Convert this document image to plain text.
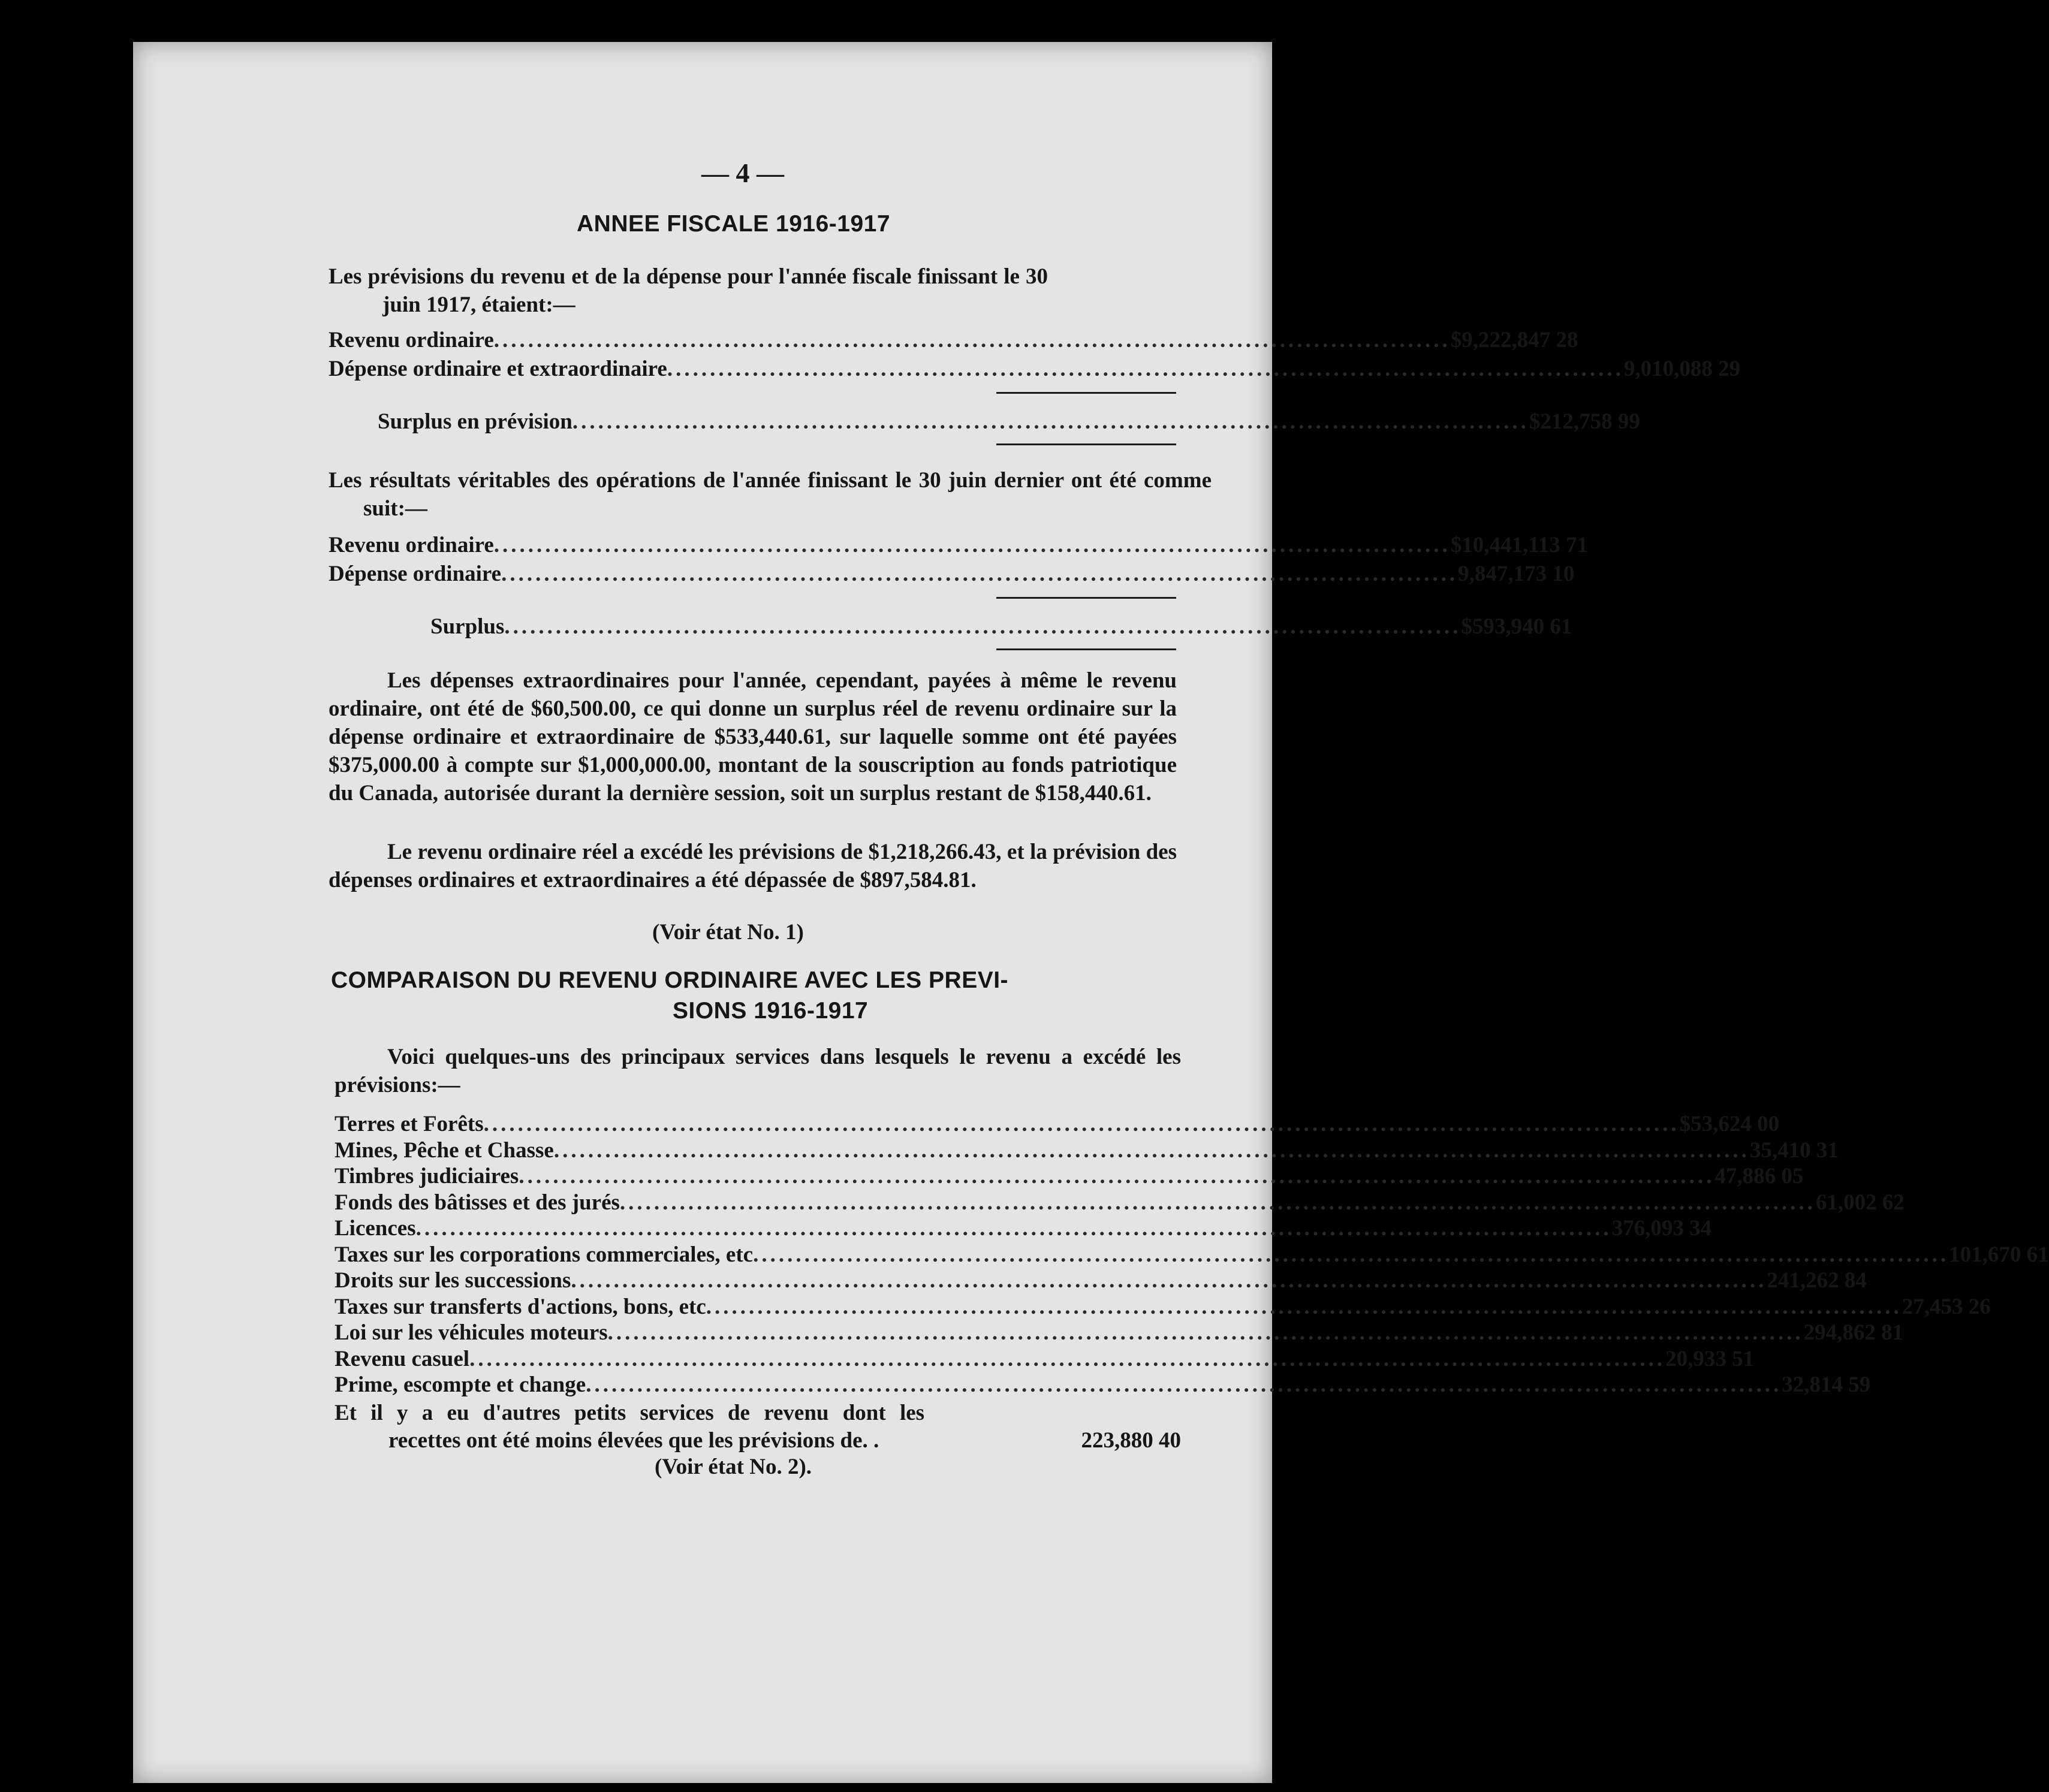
— 4 —
ANNEE FISCALE 1916-1917
Les prévisions du revenu et de la dépense pour l'année fiscale finissant le 30 juin 1917, étaient:—
Revenu ordinaire ................................................................................................................ $ 9,222,847 28
Dépense ordinaire et extraordinaire ................................................................................................................ 9,010,088 29
Surplus en prévision ................................................................................................................ $ 212,758 99
Les résultats véritables des opérations de l'année finissant le 30 juin dernier ont été comme suit:—
Revenu ordinaire ................................................................................................................ $ 10,441,113 71
Dépense ordinaire ................................................................................................................ 9,847,173 10
Surplus ................................................................................................................ $ 593,940 61
Les dépenses extraordinaires pour l'année, cependant, payées à même le revenu ordinaire, ont été de $60,500.00, ce qui donne un surplus réel de revenu ordinaire sur la dépense ordinaire et extraordinaire de $533,440.61, sur laquelle somme ont été payées $375,000.00 à compte sur $1,000,000.00, montant de la souscription au fonds patriotique du Canada, autorisée durant la dernière session, soit un surplus restant de $158,440.61.
Le revenu ordinaire réel a excédé les prévisions de $1,218,266.43, et la prévision des dépenses ordinaires et extraordinaires a été dépassée de $897,584.81.
(Voir état No. 1)
COMPARAISON DU REVENU ORDINAIRE AVEC LES PREVI-
SIONS 1916-1917
Voici quelques-uns des principaux services dans lesquels le revenu a excédé les prévisions:—
Terres et Forêts ............................................................................................................................................ $ 53,624 00
Mines, Pêche et Chasse ............................................................................................................................................ 35,410 31
Timbres judiciaires ............................................................................................................................................ 47,886 05
Fonds des bâtisses et des jurés ............................................................................................................................................ 61,002 62
Licences ............................................................................................................................................ 376,093 34
Taxes sur les corporations commerciales, etc ............................................................................................................................................ 101,670 61
Droits sur les successions ............................................................................................................................................ 241,262 84
Taxes sur transferts d'actions, bons, etc ............................................................................................................................................ 27,453 26
Loi sur les véhicules moteurs ............................................................................................................................................ 294,862 81
Revenu casuel ............................................................................................................................................ 20,933 51
Prime, escompte et change ............................................................................................................................................ 32,814 59
Et il y a eu d'autres petits services de revenu dont les
recettes ont été moins élevées que les prévisions de. .	223,880 40
(Voir état No. 2).
